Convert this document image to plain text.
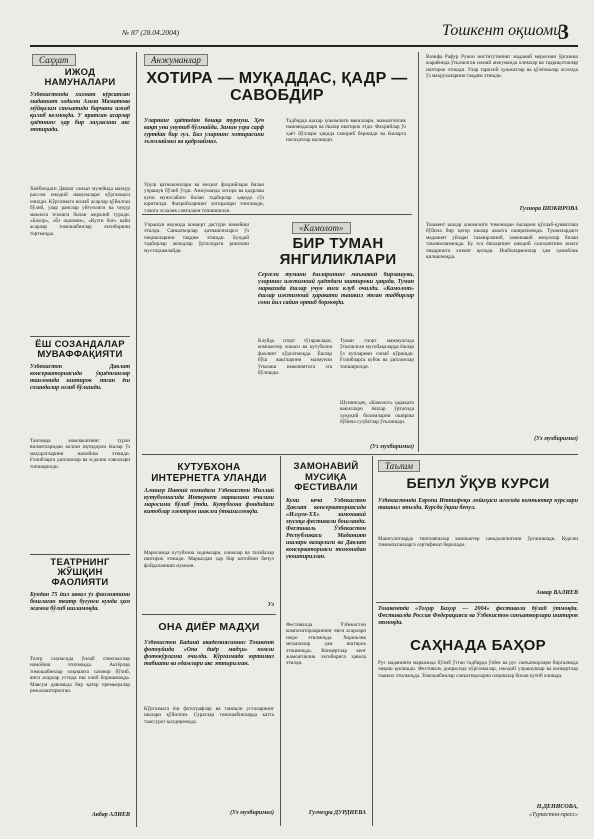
№ 87 (28.04.2004)	Тошкент оқшоми
3
Саҳҳат
ИЖОД НАМУНАЛАРИ
Ўзбекистонда хизмат кўрсатган маданият ходими Азиза Маматова мўйқалам санъатида барчани ажаб қилиб келмоқда. У яратган асарлар ҳаётнинг ҳар бир лаҳзасини акс эттиради.
Хиёбондаги Давлат санъат музейида мазкур рассом ижодий намуналари кўргазмаси очилди. Кўргазмага юзлаб асарлар қўйилган бўлиб, улар ранглар уйғунлиги ва чуқур маънога эгалиги билан ажралиб туради. «Бахор», «Ёз оқшоми», «Кузги боғ» каби асарлар томошабинлар эътиборини тортмоқда.
ЁШ СОЗАНДАЛАР МУВАФФАҚИЯТИ
Ўзбекистон Давлат консерваториясида ўқиётганлар танловида иштирок этган ёш созандалар ғолиб бўлишди.
Танловда мамлакатнинг турли вилоятларидан келган иқтидорли ёшлар ўз маҳоратларини намойиш этишди. Ғолибларга дипломлар ва эсдалик совғалари топширилди.
ТЕАТРНИНГ ЖЎШҚИН ФАОЛИЯТИ
Бундан 75 йил аввал ўз фаолиятини бошлаган театр бугунги кунда ҳам жамоа бўлиб ишламоқда.
Театр саҳнасида ўнлаб спектакллар намойиш этилмоқда. Актёрлар томошабинлар олқишига сазовор бўлиб, янги асарлар устида иш олиб боришмоқда. Мавсум давомида бир қатор премьералар режалаштирилган.
Акбар АЛИЕВ
Анжуманлар
ХОТИРА — МУҚАДДАС, ҚАДР — САВОБДИР
Уларнинг ҳаётидан бошқа турмуш. Ҳеч вақт уни унутиб бўлмайди. Замин узра сарф гуртдан бир гул. Биз уларнинг хотирасини эъзозлаймиз ва қадрлаймиз.
Уруш қатнашчилари ва меҳнат фахрийлари билан учрашув бўлиб ўтди. Анжуманда хотира ва қадрлаш куни муносабати билан тадбирлар ҳақида сўз юритилди. Фахрийларнинг хотиралари тингланди, уларга эсдалик совғалари топширилди.
Тадбирда шаҳар ҳокимлиги вакиллари, жамоатчилик намояндалари ва ёшлар иштирок этди. Фахрийлар ўз ҳаёт йўллари ҳақида гапириб беришди ва ёшларга насиҳатлар қилишди.
Вазифа Рафур Рунон институтининг маданий меросини ўрганиш жараёнида ўтказилган илмий анжуманда олимлар ва тадқиқотчилар иштирок этишди. Улар тарихий ҳужжатлар ва қўлёзмалар асосида ўз маърузаларини тақдим этишди.
Гулнора ШОКИРОВА
Учрашув якунида концерт дастури намойиш этилди. Санъаткорлар қатнашчиларга ўз чиқишларини тақдим этишди. Бундай тадбирлар авлодлар ўртасидаги риштани мустаҳкамлайди.
«Камолот»
БИР ТУМАН ЯНГИЛИКЛАРИ
Сергели тумани ёшларининг маънавий бирлашуви, уларнинг ижтимоий ҳаётдаги иштироки ҳақида. Туман марказида ёшлар учун янги клуб очилди. «Камолот» ёшлар ижтимоий ҳаракати ташкил этган тадбирлар сони йил сайин ортиб бормоқда.
Клубда спорт тўгараклари, компьютер хонаси ва кутубхона фаолият кўрсатмоқда. Ёшлар бўш вақтларини мазмунли ўтказиш имкониятига эга бўлишди.
Туман спорт мажмуасида ўтказилган мусобақаларда ёшлар ўз кучларини синаб кўришди. Ғолибларга кубок ва дипломлар топширилди.
Шунингдек, «Камолот» ҳаракати вакиллари ёшлар ўртасида ҳуқуқий билимларни ошириш бўйича суҳбатлар ўтказишди.
Тошкент шаҳар ҳокимлиги томонидан ёшларни қўллаб-қувватлаш бўйича бир қатор ишлар амалга оширилмоқда. Туманлардаги маданият уйлари таъмирланиб, замонавий жиҳозлар билан таъминланмоқда. Бу эса ёшларнинг ижодий салоҳиятини юзага чиқаришга хизмат қилади. Ишбилармонлар ҳам ҳомийлик қилишмоқда.
(Уз мухбиримиз)
(Уз мухбиримиз)
КУТУБХОНА ИНТЕРНЕТГА УЛАНДИ
Алишер Навоий номидаги Ўзбекистон Миллий кутубхонасида Интернет марказини очилиш маросими бўлиб ўтди. Кутубхона фондидаги китоблар электрон шаклга ўтказилмоқда.
Маросимда кутубхона ходимлари, олимлар ва талабалар иштирок этишди. Марказдан ҳар бир китобхон бепул фойдаланиши мумкин.
Уз
ОНА ДИЁР МАДҲИ
Ўзбекистон Бадиий академиясининг Тошкент фотоуйида «Она диёр мадҳи» номли фотокўргазма очилди. Кўргазмада юртимиз табиати ва одамлари акс эттирилган.
Кўргазмага ёш фотографлар ва таниқли усталарнинг ишлари қўйилган. Суратлар томошабинларда катта таассурот қолдирмоқда.
(Уз мухбиримиз)
ЗАМОНАВИЙ МУСИҚА ФЕСТИВАЛИ
Куни кеча Ўзбекистон Давлат консерваториясида «Илҳом-ХХ» замонавий мусиқа фестивали бошланди. Фестиваль Ўзбекистон Республикаси Маданият ишлари вазирлиги ва Давлат консерваторияси томонидан уюштирилган.
Фестивалда Ўзбекистон композиторларининг янги асарлари ижро этилмоқда. Хорижлик меҳмонлар ҳам иштирок этишмоқда. Концертлар кенг жамоатчилик эътиборига ҳавола этилди.
Гулчеҳра ДУРДИЕВА
Таълим
БЕПУЛ ЎҚУВ КУРСИ
Ўзбекистонда Европа Иттифоқи лойиҳаси асосида компьютер курслари ташкил этилди. Курсда ўқиш бепул.
Машғулотларда тингловчилар компьютер саводхонлигини ўрганишади. Курсни тамомлаганларга сертификат берилади.
Анвар ВАЛИЕВ
Тошкентда «Тоҳир Баҳор — 2004» фестивали бўлиб ўтмоқда. Фестивалда Россия Федерацияси ва Ўзбекистон санъаткорлари иштирок этмоқда.
САҲНАДА БАҲОР
Рус маданияти марказида бўлиб ўтган тадбирда ўзбек ва рус санъаткорлари биргаликда чиқиш қилишди. Фестиваль доирасида кўргазмалар, ижодий учрашувлар ва концертлар ташкил этилмоқда. Томошабинлар санъаткорларни олқишлар билан кутиб олишди.
Н.ДЕНИСОВА,
«Туркестон-пресс»
